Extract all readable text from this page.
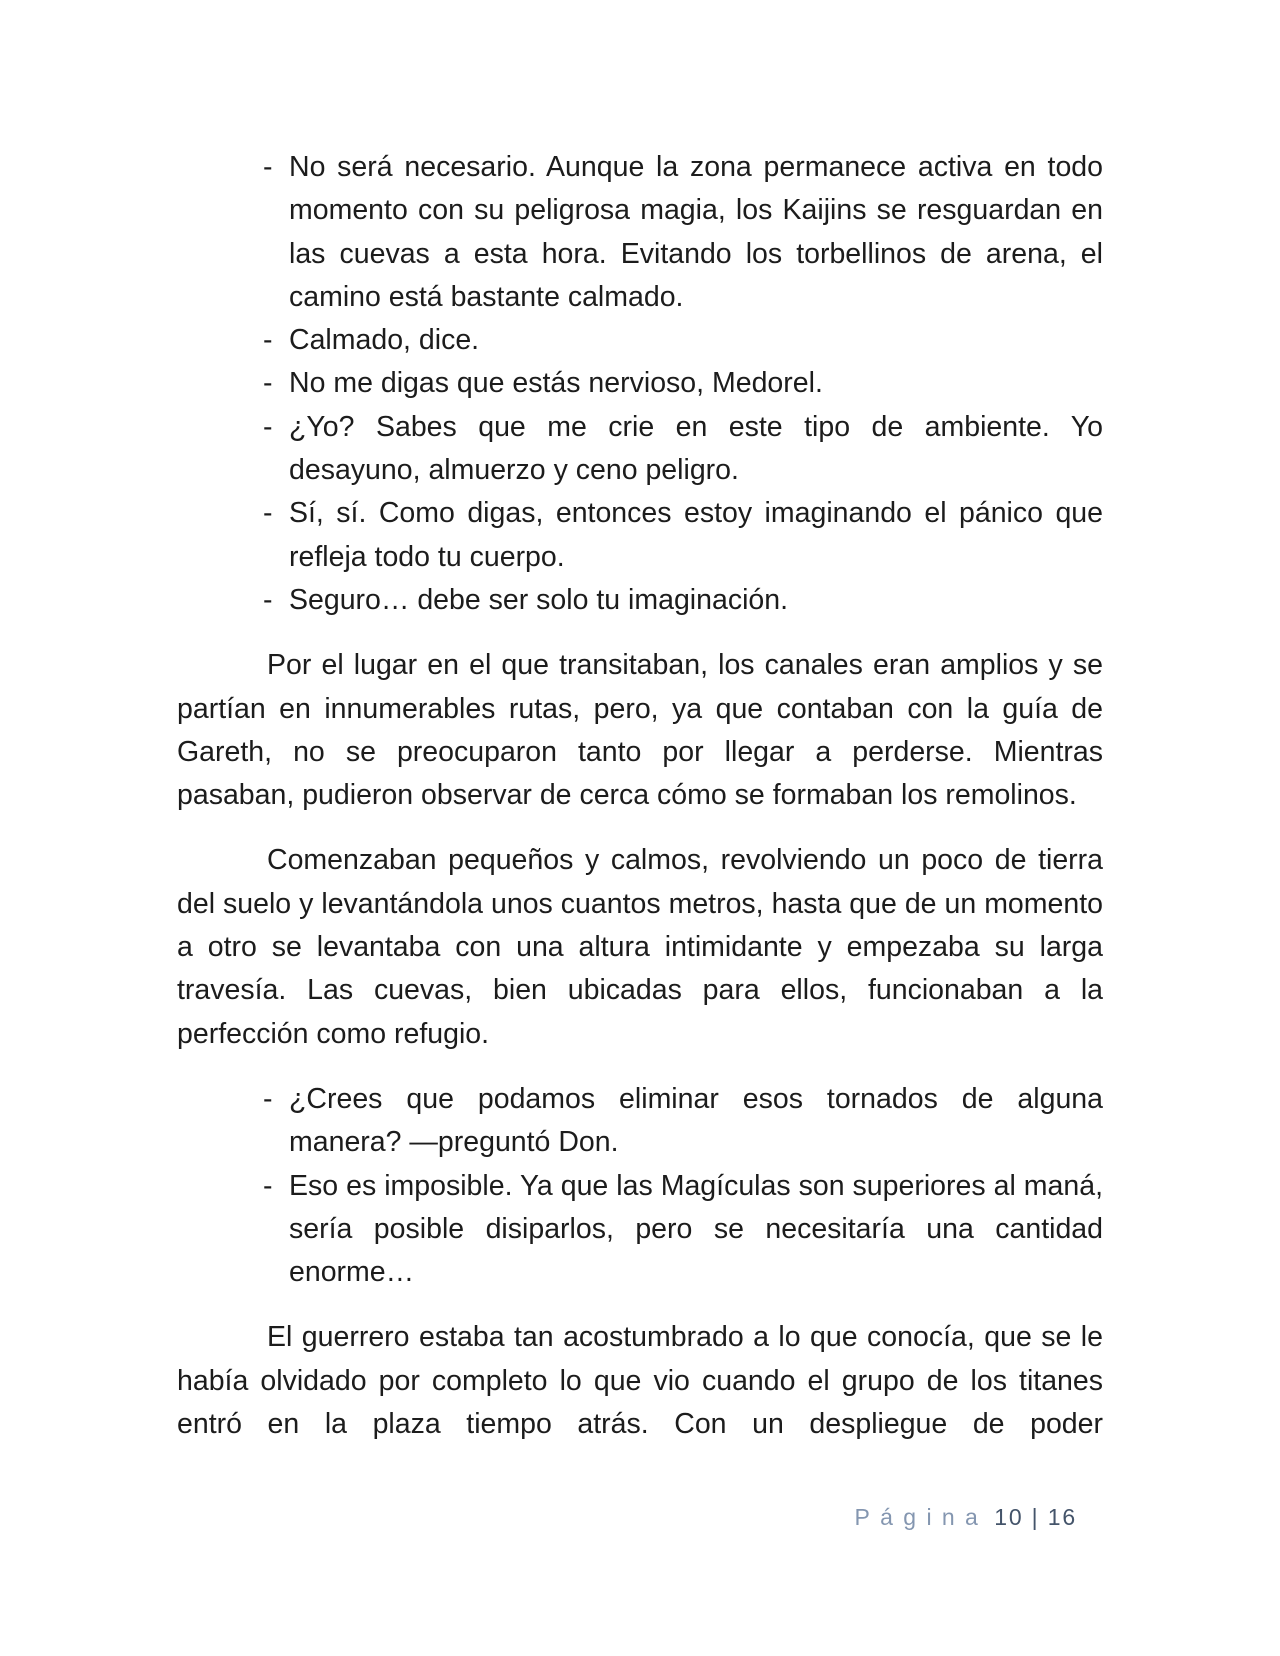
- No será necesario. Aunque la zona permanece activa en todo momento con su peligrosa magia, los Kaijins se resguardan en las cuevas a esta hora. Evitando los torbellinos de arena, el camino está bastante calmado.
- Calmado, dice.
- No me digas que estás nervioso, Medorel.
- ¿Yo? Sabes que me crie en este tipo de ambiente. Yo desayuno, almuerzo y ceno peligro.
- Sí, sí. Como digas, entonces estoy imaginando el pánico que refleja todo tu cuerpo.
- Seguro… debe ser solo tu imaginación.

Por el lugar en el que transitaban, los canales eran amplios y se partían en innumerables rutas, pero, ya que contaban con la guía de Gareth, no se preocuparon tanto por llegar a perderse. Mientras pasaban, pudieron observar de cerca cómo se formaban los remolinos.

Comenzaban pequeños y calmos, revolviendo un poco de tierra del suelo y levantándola unos cuantos metros, hasta que de un momento a otro se levantaba con una altura intimidante y empezaba su larga travesía. Las cuevas, bien ubicadas para ellos, funcionaban a la perfección como refugio.

- ¿Crees que podamos eliminar esos tornados de alguna manera? —preguntó Don.
- Eso es imposible. Ya que las Magículas son superiores al maná, sería posible disiparlos, pero se necesitaría una cantidad enorme…

El guerrero estaba tan acostumbrado a lo que conocía, que se le había olvidado por completo lo que vio cuando el grupo de los titanes entró en la plaza tiempo atrás. Con un despliegue de poder

Página 10 | 16
